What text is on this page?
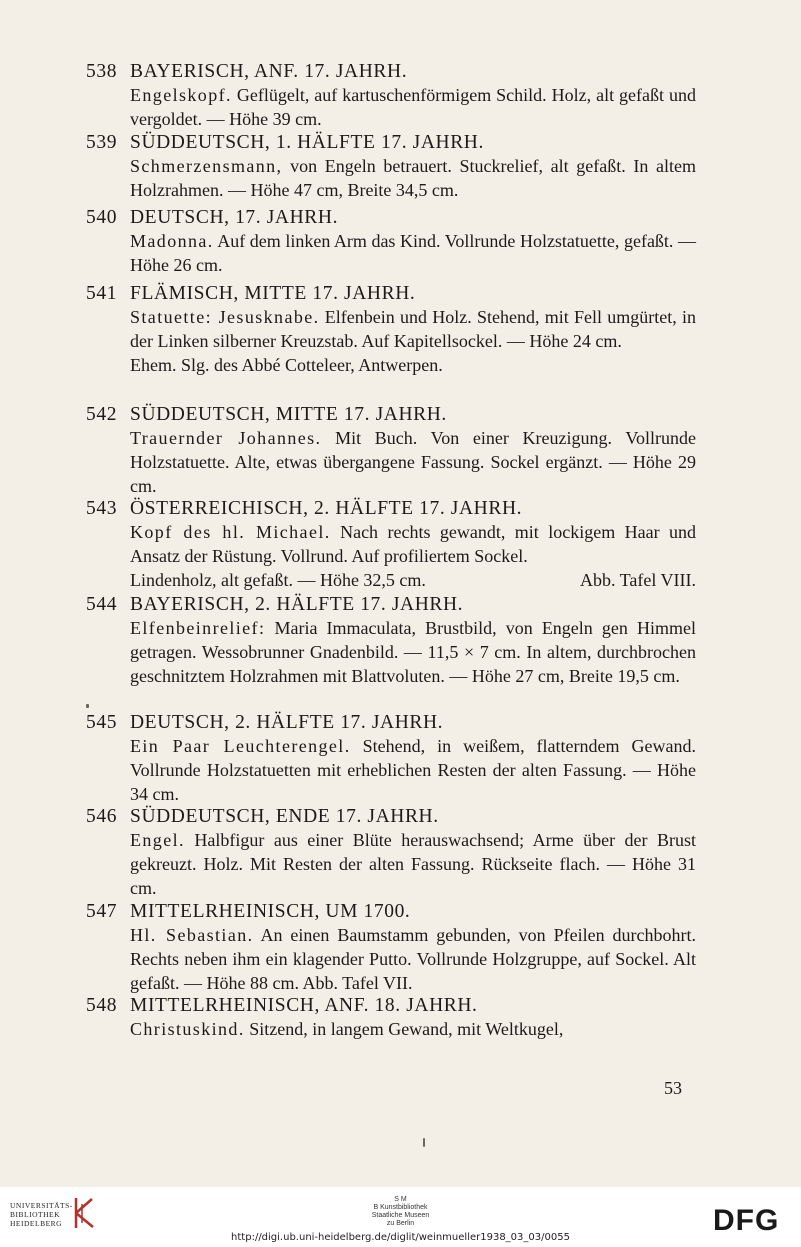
538 BAYERISCH, ANF. 17. JAHRH.
Engelskopf. Geflügelt, auf kartuschenförmigem Schild. Holz, alt gefaßt und vergoldet. — Höhe 39 cm.
539 SÜDDEUTSCH, 1. HÄLFTE 17. JAHRH.
Schmerzensmann, von Engeln betrauert. Stuckrelief, alt gefaßt. In altem Holzrahmen. — Höhe 47 cm, Breite 34,5 cm.
540 DEUTSCH, 17. JAHRH.
Madonna. Auf dem linken Arm das Kind. Vollrunde Holzstatuette, gefaßt. — Höhe 26 cm.
541 FLÄMISCH, MITTE 17. JAHRH.

Statuette: Jesusknabe. Elfenbein und Holz. Stehend, mit Fell umgürtet, in der Linken silberner Kreuzstab. Auf Kapitellsockel. — Höhe 24 cm.

Ehem. Slg. des Abbé Cotteleer, Antwerpen.

542 SÜDDEUTSCH, MITTE 17. JAHRH.
Trauernder Johannes. Mit Buch. Von einer Kreuzigung. Vollrunde Holzstatuette. Alte, etwas übergangene Fassung. Sockel ergänzt. — Höhe 29 cm.
543 ÖSTERREICHISCH, 2. HÄLFTE 17. JAHRH.

Kopf des hl. Michael. Nach rechts gewandt, mit lockigem Haar und Ansatz der Rüstung. Vollrund. Auf profiliertem Sockel.

Lindenholz, alt gefaßt. — Höhe 32,5 cm.	Abb. Tafel VIII.

544 BAYERISCH, 2. HÄLFTE 17. JAHRH.
Elfenbeinrelief: Maria Immaculata, Brustbild, von Engeln gen Himmel getragen. Wessobrunner Gnadenbild. — 11,5 × 7 cm. In altem, durchbrochen geschnitztem Holzrahmen mit Blattvoluten. — Höhe 27 cm, Breite 19,5 cm.
545 DEUTSCH, 2. HÄLFTE 17. JAHRH.
Ein Paar Leuchterengel. Stehend, in weißem, flatterndem Gewand. Vollrunde Holzstatuetten mit erheblichen Resten der alten Fassung. — Höhe 34 cm.
546 SÜDDEUTSCH, ENDE 17. JAHRH.
Engel. Halbfigur aus einer Blüte herauswachsend; Arme über der Brust gekreuzt. Holz. Mit Resten der alten Fassung. Rückseite flach. — Höhe 31 cm.
547 MITTELRHEINISCH, UM 1700.
Hl. Sebastian. An einen Baumstamm gebunden, von Pfeilen durchbohrt. Rechts neben ihm ein klagender Putto. Vollrunde Holzgruppe, auf Sockel. Alt gefaßt. — Höhe 88 cm. Abb. Tafel VII.
548 MITTELRHEINISCH, ANF. 18. JAHRH.
Christuskind. Sitzend, in langem Gewand, mit Weltkugel,
53
UNIVERSITÄTS-
BIBLIOTHEK
HEIDELBERG
S M
B Kunstbibliothek
Staatliche Museen
zu Berlin	DFG
http://digi.ub.uni-heidelberg.de/diglit/weinmueller1938_03_03/0055
